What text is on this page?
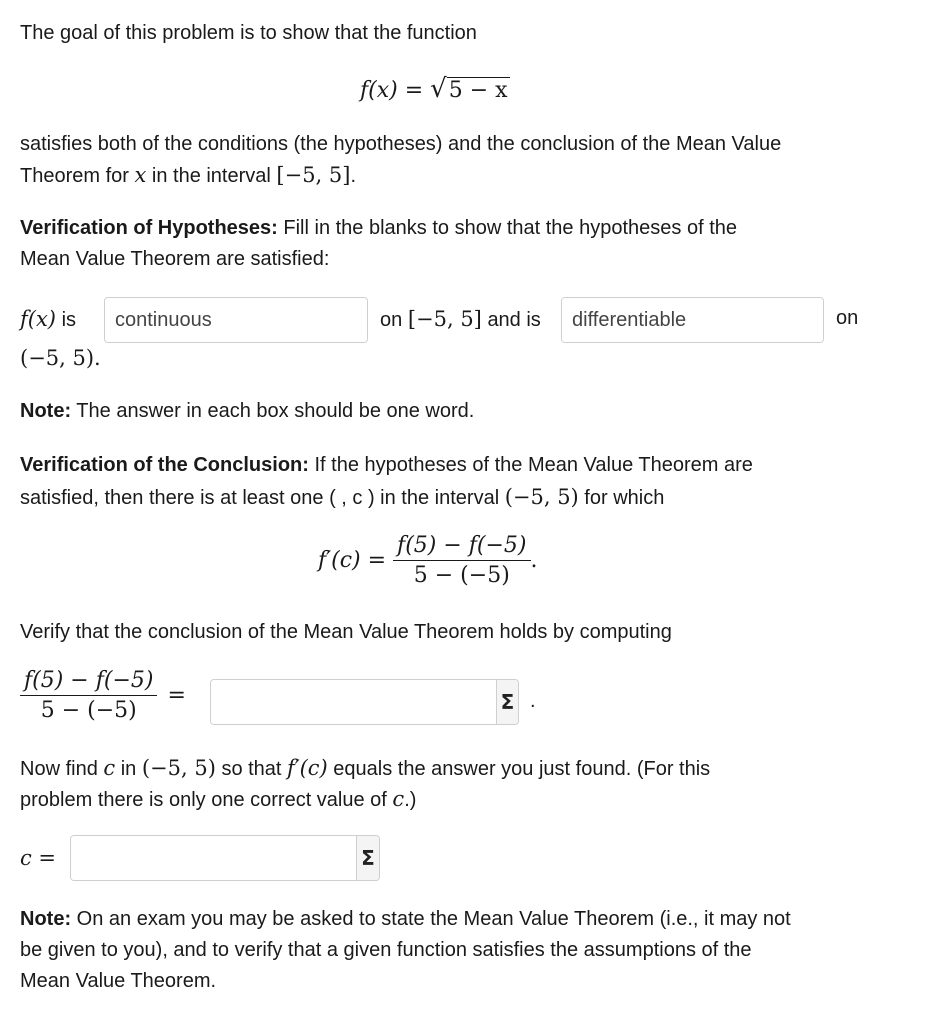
The goal of this problem is to show that the function
f(x) = √5 − x
satisfies both of the conditions (the hypotheses) and the conclusion of the Mean Value
Theorem for x in the interval [−5, 5].
Verification of Hypotheses: Fill in the blanks to show that the hypotheses of the
Mean Value Theorem are satisfied:
f(x) is
continuous	on [−5, 5] and is
differentiable	on
(−5, 5).
Note: The answer in each box should be one word.
Verification of the Conclusion: If the hypotheses of the Mean Value Theorem are
satisfied, then there is at least one ( , c ) in the interval (−5, 5) for which
$f'(c) = \frac{f(5) - f(-5)}{5 - (-5)}$ .
Verify that the conclusion of the Mean Value Theorem holds by computing
$\frac{f(5) - f(-5)}{5 - (-5)}$ =	Σ .
Now find c in (−5, 5) so that f′(c) equals the answer you just found. (For this
problem there is only one correct value of c.)
c =	Σ
Note: On an exam you may be asked to state the Mean Value Theorem (i.e., it may not
be given to you), and to verify that a given function satisfies the assumptions of the
Mean Value Theorem.
